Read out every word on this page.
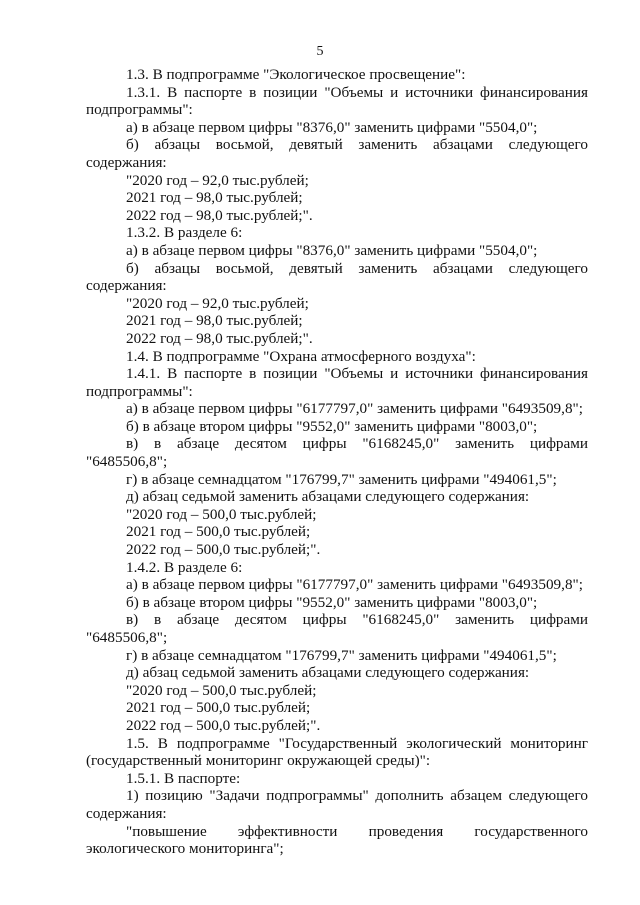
5

1.3. В подпрограмме "Экологическое просвещение":

1.3.1. В паспорте в позиции "Объемы и источники финансирования подпрограммы":

а) в абзаце первом цифры "8376,0" заменить цифрами "5504,0";

б) абзацы восьмой, девятый заменить абзацами следующего содержания:

"2020 год – 92,0 тыс.рублей;

2021 год – 98,0 тыс.рублей;

2022 год – 98,0 тыс.рублей;".

1.3.2. В разделе 6:

а) в абзаце первом цифры "8376,0" заменить цифрами "5504,0";

б) абзацы восьмой, девятый заменить абзацами следующего содержания:

"2020 год – 92,0 тыс.рублей;

2021 год – 98,0 тыс.рублей;

2022 год – 98,0 тыс.рублей;".

1.4. В подпрограмме "Охрана атмосферного воздуха":

1.4.1. В паспорте в позиции "Объемы и источники финансирования подпрограммы":

а) в абзаце первом цифры "6177797,0" заменить цифрами "6493509,8";

б) в абзаце втором цифры "9552,0" заменить цифрами "8003,0";

в) в абзаце десятом цифры "6168245,0" заменить цифрами "6485506,8";

г) в абзаце семнадцатом "176799,7" заменить цифрами "494061,5";

д) абзац седьмой заменить абзацами следующего содержания:

"2020 год – 500,0 тыс.рублей;

2021 год – 500,0 тыс.рублей;

2022 год – 500,0 тыс.рублей;".

1.4.2. В разделе 6:

а) в абзаце первом цифры "6177797,0" заменить цифрами "6493509,8";

б) в абзаце втором цифры "9552,0" заменить цифрами "8003,0";

в) в абзаце десятом цифры "6168245,0" заменить цифрами "6485506,8";

г) в абзаце семнадцатом "176799,7" заменить цифрами "494061,5";

д) абзац седьмой заменить абзацами следующего содержания:

"2020 год – 500,0 тыс.рублей;

2021 год – 500,0 тыс.рублей;

2022 год – 500,0 тыс.рублей;".

1.5. В подпрограмме "Государственный экологический мониторинг (государственный мониторинг окружающей среды)":

1.5.1. В паспорте:

1) позицию "Задачи подпрограммы" дополнить абзацем следующего содержания:

"повышение эффективности проведения государственного экологического мониторинга";
